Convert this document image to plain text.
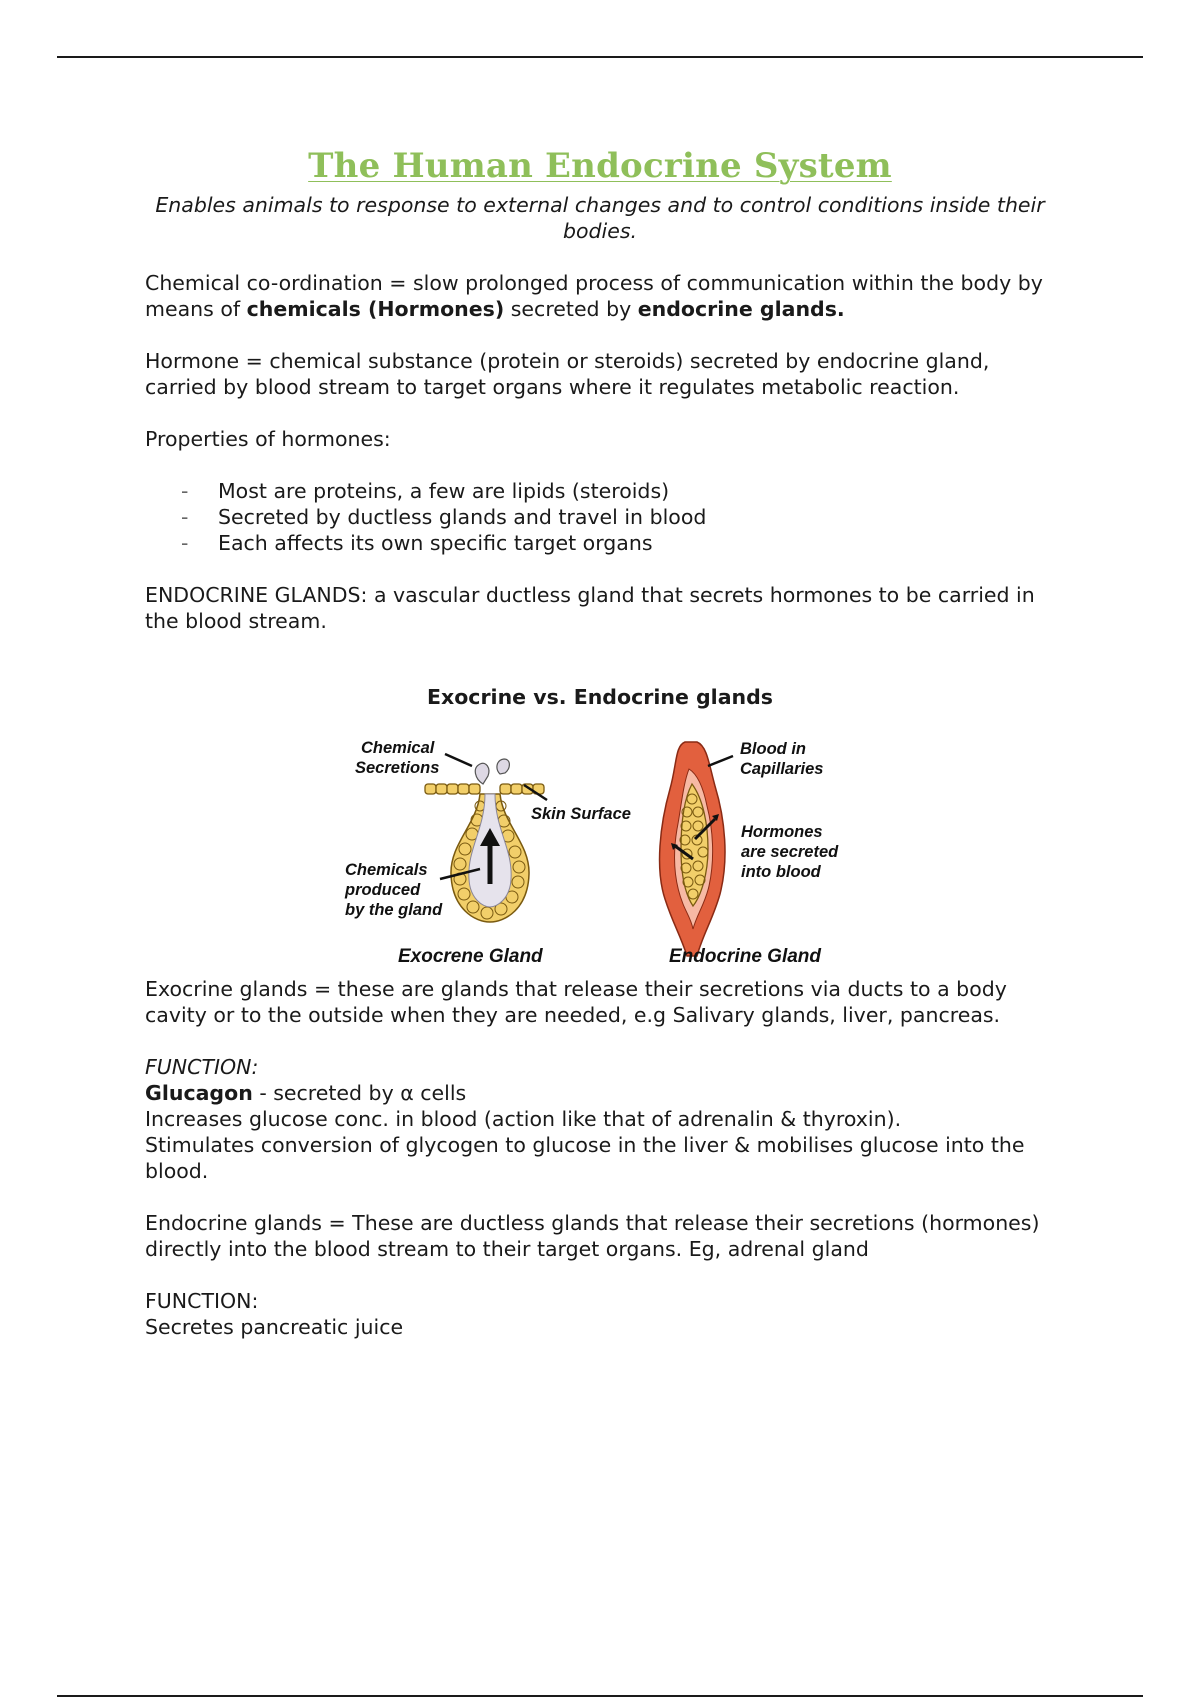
The Human Endocrine System

Enables animals to response to external changes and to control conditions inside their bodies.

Chemical co-ordination = slow prolonged process of communication within the body by means of chemicals (Hormones) secreted by endocrine glands.

Hormone = chemical substance (protein or steroids) secreted by endocrine gland, carried by blood stream to target organs where it regulates metabolic reaction.

Properties of hormones:

- Most are proteins, a few are lipids (steroids)
- Secreted by ductless glands and travel in blood
- Each affects its own specific target organs

ENDOCRINE GLANDS: a vascular ductless gland that secrets hormones to be carried in the blood stream.

Exocrine vs. Endocrine glands
Chemical
Secretions
Skin Surface
Chemicals
produced
by the gland
Blood in
Capillaries
Hormones
are secreted
into blood
Exocrene Gland	Endocrine Gland

Exocrine glands = these are glands that release their secretions via ducts to a body cavity or to the outside when they are needed, e.g Salivary glands, liver, pancreas.

FUNCTION:

Glucagon - secreted by α cells

Increases glucose conc. in blood (action like that of adrenalin & thyroxin).

Stimulates conversion of glycogen to glucose in the liver & mobilises glucose into the blood.

Endocrine glands = These are ductless glands that release their secretions (hormones) directly into the blood stream to their target organs. Eg, adrenal gland

FUNCTION:

Secretes pancreatic juice
